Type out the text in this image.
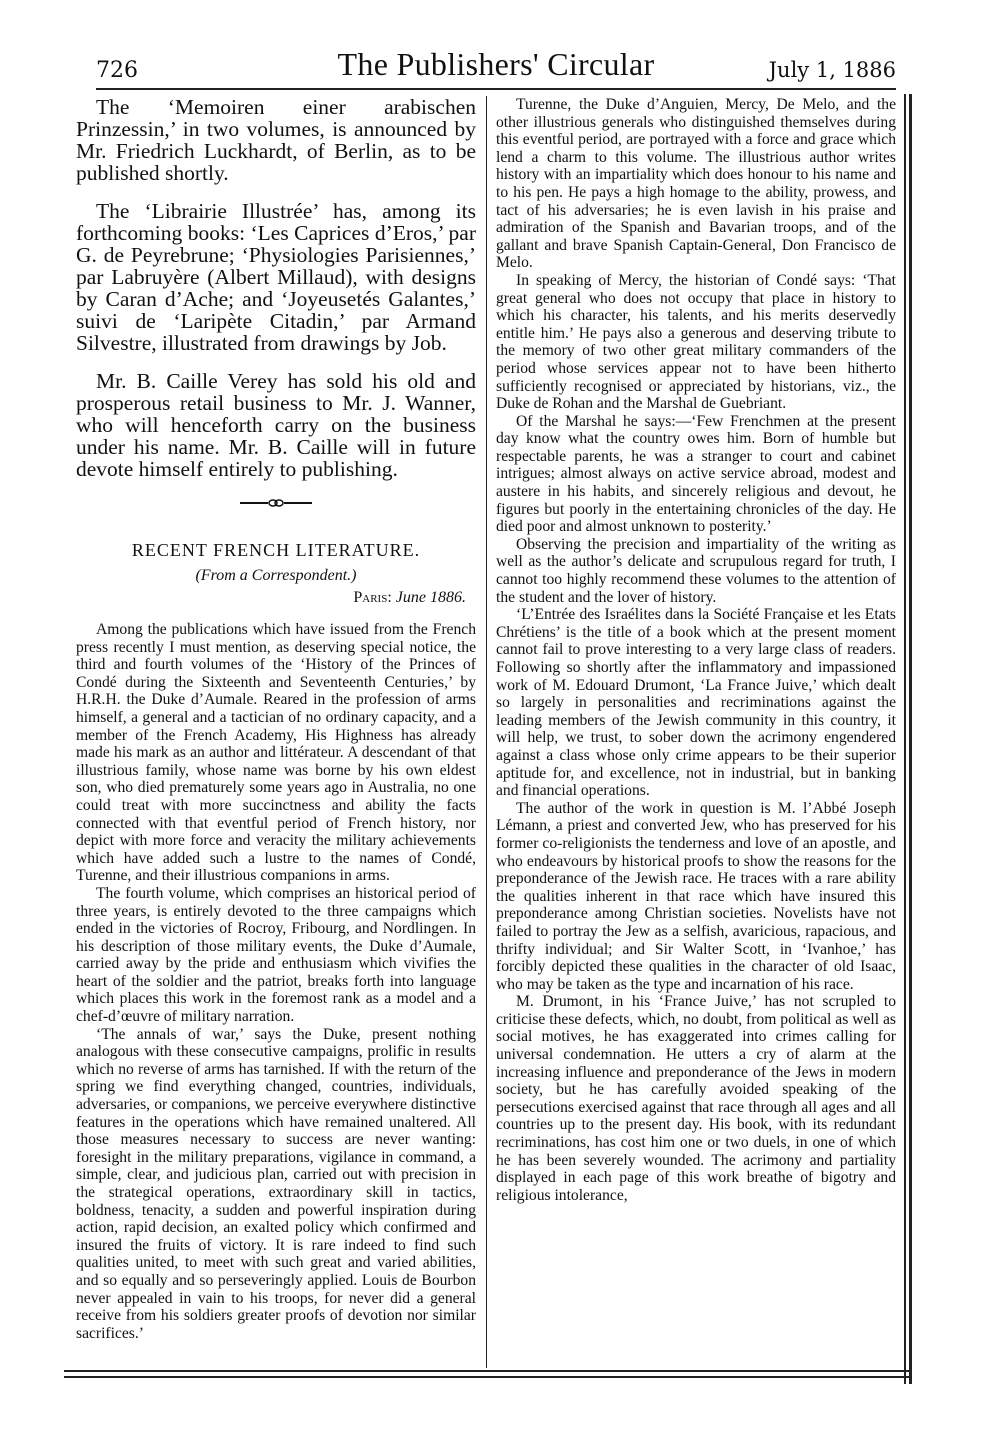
726	The Publishers' Circular	July 1, 1886

The ‘Memoiren einer arabischen Prinzessin,’ in two volumes, is announced by Mr. Friedrich Luckhardt, of Berlin, as to be published shortly.

The ‘Librairie Illustrée’ has, among its forthcoming books: ‘Les Caprices d’Eros,’ par G. de Peyrebrune; ‘Physiologies Parisiennes,’ par Labruyère (Albert Millaud), with designs by Caran d’Ache; and ‘Joyeusetés Galantes,’ suivi de ‘Laripète Citadin,’ par Armand Silvestre, illustrated from drawings by Job.

Mr. B. Caille Verey has sold his old and prosperous retail business to Mr. J. Wanner, who will henceforth carry on the business under his name. Mr. B. Caille will in future devote himself entirely to publishing.

RECENT FRENCH LITERATURE.
(From a Correspondent.)
Paris: June 1886.

Among the publications which have issued from the French press recently I must mention, as deserving special notice, the third and fourth volumes of the ‘History of the Princes of Condé during the Sixteenth and Seventeenth Centuries,’ by H.R.H. the Duke d’Aumale. Reared in the profession of arms himself, a general and a tactician of no ordinary capacity, and a member of the French Academy, His Highness has already made his mark as an author and littérateur. A descendant of that illustrious family, whose name was borne by his own eldest son, who died prematurely some years ago in Australia, no one could treat with more succinctness and ability the facts connected with that eventful period of French history, nor depict with more force and veracity the military achievements which have added such a lustre to the names of Condé, Turenne, and their illustrious companions in arms.

The fourth volume, which comprises an historical period of three years, is entirely devoted to the three campaigns which ended in the victories of Rocroy, Fribourg, and Nordlingen. In his description of those military events, the Duke d’Aumale, carried away by the pride and enthusiasm which vivifies the heart of the soldier and the patriot, breaks forth into language which places this work in the foremost rank as a model and a chef-d’œuvre of military narration.

‘The annals of war,’ says the Duke, present nothing analogous with these consecutive campaigns, prolific in results which no reverse of arms has tarnished. If with the return of the spring we find everything changed, countries, individuals, adversaries, or companions, we perceive everywhere distinctive features in the operations which have remained unaltered. All those measures necessary to success are never wanting: foresight in the military preparations, vigilance in command, a simple, clear, and judicious plan, carried out with precision in the strategical operations, extraordinary skill in tactics, boldness, tenacity, a sudden and powerful inspiration during action, rapid decision, an exalted policy which confirmed and insured the fruits of victory. It is rare indeed to find such qualities united, to meet with such great and varied abilities, and so equally and so perseveringly applied. Louis de Bourbon never appealed in vain to his troops, for never did a general receive from his soldiers greater proofs of devotion nor similar sacrifices.’

Turenne, the Duke d’Anguien, Mercy, De Melo, and the other illustrious generals who distinguished themselves during this eventful period, are portrayed with a force and grace which lend a charm to this volume. The illustrious author writes history with an impartiality which does honour to his name and to his pen. He pays a high homage to the ability, prowess, and tact of his adversaries; he is even lavish in his praise and admiration of the Spanish and Bavarian troops, and of the gallant and brave Spanish Captain-General, Don Francisco de Melo.

In speaking of Mercy, the historian of Condé says: ‘That great general who does not occupy that place in history to which his character, his talents, and his merits deservedly entitle him.’ He pays also a generous and deserving tribute to the memory of two other great military commanders of the period whose services appear not to have been hitherto sufficiently recognised or appreciated by historians, viz., the Duke de Rohan and the Marshal de Guebriant.

Of the Marshal he says:—‘Few Frenchmen at the present day know what the country owes him. Born of humble but respectable parents, he was a stranger to court and cabinet intrigues; almost always on active service abroad, modest and austere in his habits, and sincerely religious and devout, he figures but poorly in the entertaining chronicles of the day. He died poor and almost unknown to posterity.’

Observing the precision and impartiality of the writing as well as the author’s delicate and scrupulous regard for truth, I cannot too highly recommend these volumes to the attention of the student and the lover of history.

‘L’Entrée des Israélites dans la Société Française et les Etats Chrétiens’ is the title of a book which at the present moment cannot fail to prove interesting to a very large class of readers. Following so shortly after the inflammatory and impassioned work of M. Edouard Drumont, ‘La France Juive,’ which dealt so largely in personalities and recriminations against the leading members of the Jewish community in this country, it will help, we trust, to sober down the acrimony engendered against a class whose only crime appears to be their superior aptitude for, and excellence, not in industrial, but in banking and financial operations.

The author of the work in question is M. l’Abbé Joseph Lémann, a priest and converted Jew, who has preserved for his former co-religionists the tenderness and love of an apostle, and who endeavours by historical proofs to show the reasons for the preponderance of the Jewish race. He traces with a rare ability the qualities inherent in that race which have insured this preponderance among Christian societies. Novelists have not failed to portray the Jew as a selfish, avaricious, rapacious, and thrifty individual; and Sir Walter Scott, in ‘Ivanhoe,’ has forcibly depicted these qualities in the character of old Isaac, who may be taken as the type and incarnation of his race.

M. Drumont, in his ‘France Juive,’ has not scrupled to criticise these defects, which, no doubt, from political as well as social motives, he has exaggerated into crimes calling for universal condemnation. He utters a cry of alarm at the increasing influence and preponderance of the Jews in modern society, but he has carefully avoided speaking of the persecutions exercised against that race through all ages and all countries up to the present day. His book, with its redundant recriminations, has cost him one or two duels, in one of which he has been severely wounded. The acrimony and partiality displayed in each page of this work breathe of bigotry and religious intolerance,
